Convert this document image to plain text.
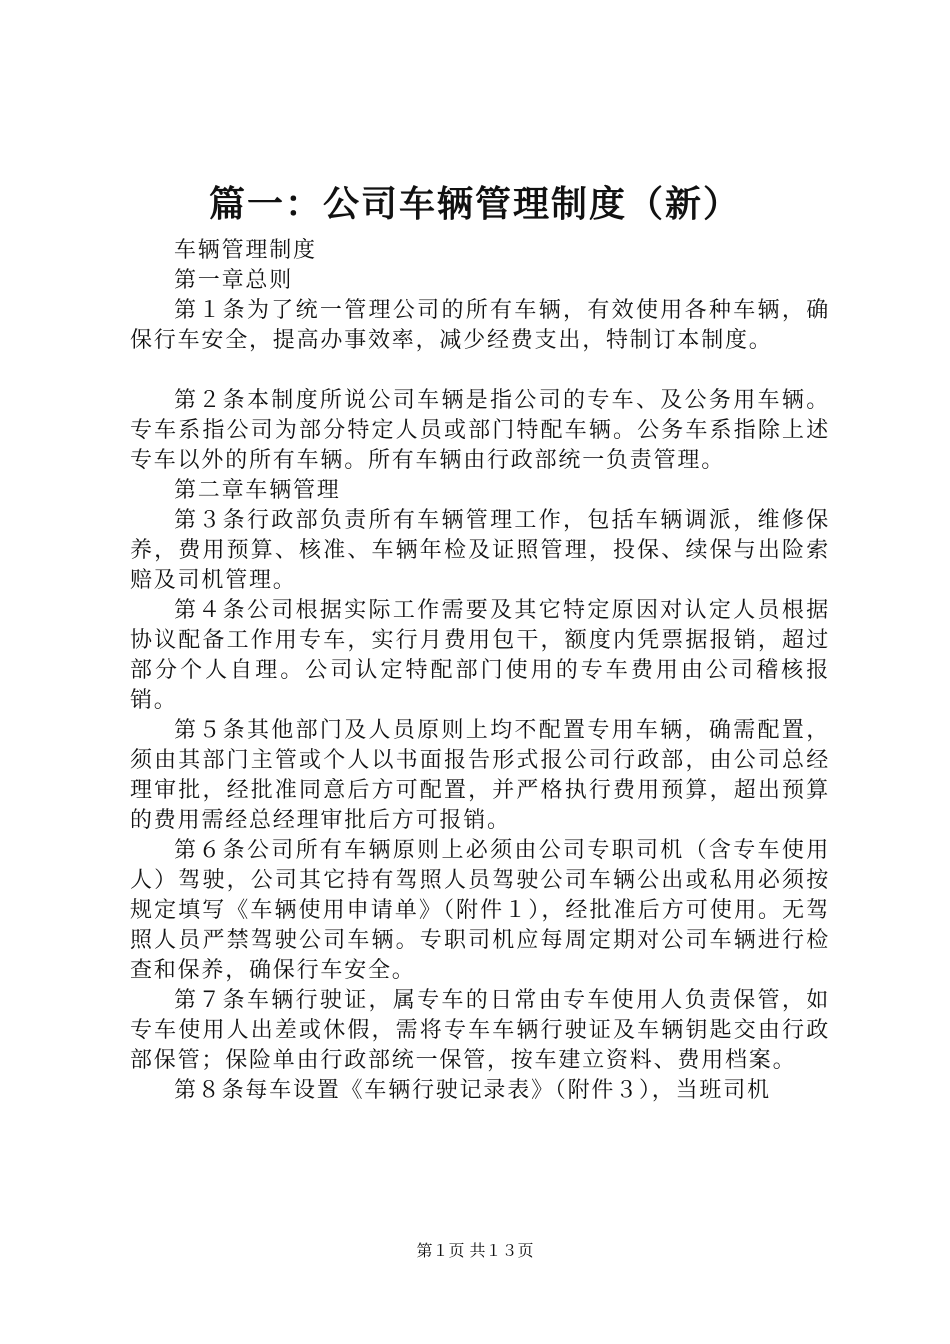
篇一：公司车辆管理制度（新）

车辆管理制度

第一章总则

第１条为了统一管理公司的所有车辆，有效使用各种车辆，确保行车安全，提高办事效率，减少经费支出，特制订本制度。

第２条本制度所说公司车辆是指公司的专车、及公务用车辆。专车系指公司为部分特定人员或部门特配车辆。公务车系指除上述专车以外的所有车辆。所有车辆由行政部统一负责管理。

第二章车辆管理

第３条行政部负责所有车辆管理工作，包括车辆调派，维修保养，费用预算、核准、车辆年检及证照管理，投保、续保与出险索赔及司机管理。

第４条公司根据实际工作需要及其它特定原因对认定人员根据协议配备工作用专车，实行月费用包干，额度内凭票据报销，超过部分个人自理。公司认定特配部门使用的专车费用由公司稽核报销。

第５条其他部门及人员原则上均不配置专用车辆，确需配置，须由其部门主管或个人以书面报告形式报公司行政部，由公司总经理审批，经批准同意后方可配置，并严格执行费用预算，超出预算的费用需经总经理审批后方可报销。

第６条公司所有车辆原则上必须由公司专职司机（含专车使用人）驾驶，公司其它持有驾照人员驾驶公司车辆公出或私用必须按规定填写《车辆使用申请单》（附件１），经批准后方可使用。无驾照人员严禁驾驶公司车辆。专职司机应每周定期对公司车辆进行检查和保养，确保行车安全。

第７条车辆行驶证，属专车的日常由专车使用人负责保管，如专车使用人出差或休假，需将专车车辆行驶证及车辆钥匙交由行政部保管；保险单由行政部统一保管，按车建立资料、费用档案。

第８条每车设置《车辆行驶记录表》（附件３），当班司机

第１页 共１３页
